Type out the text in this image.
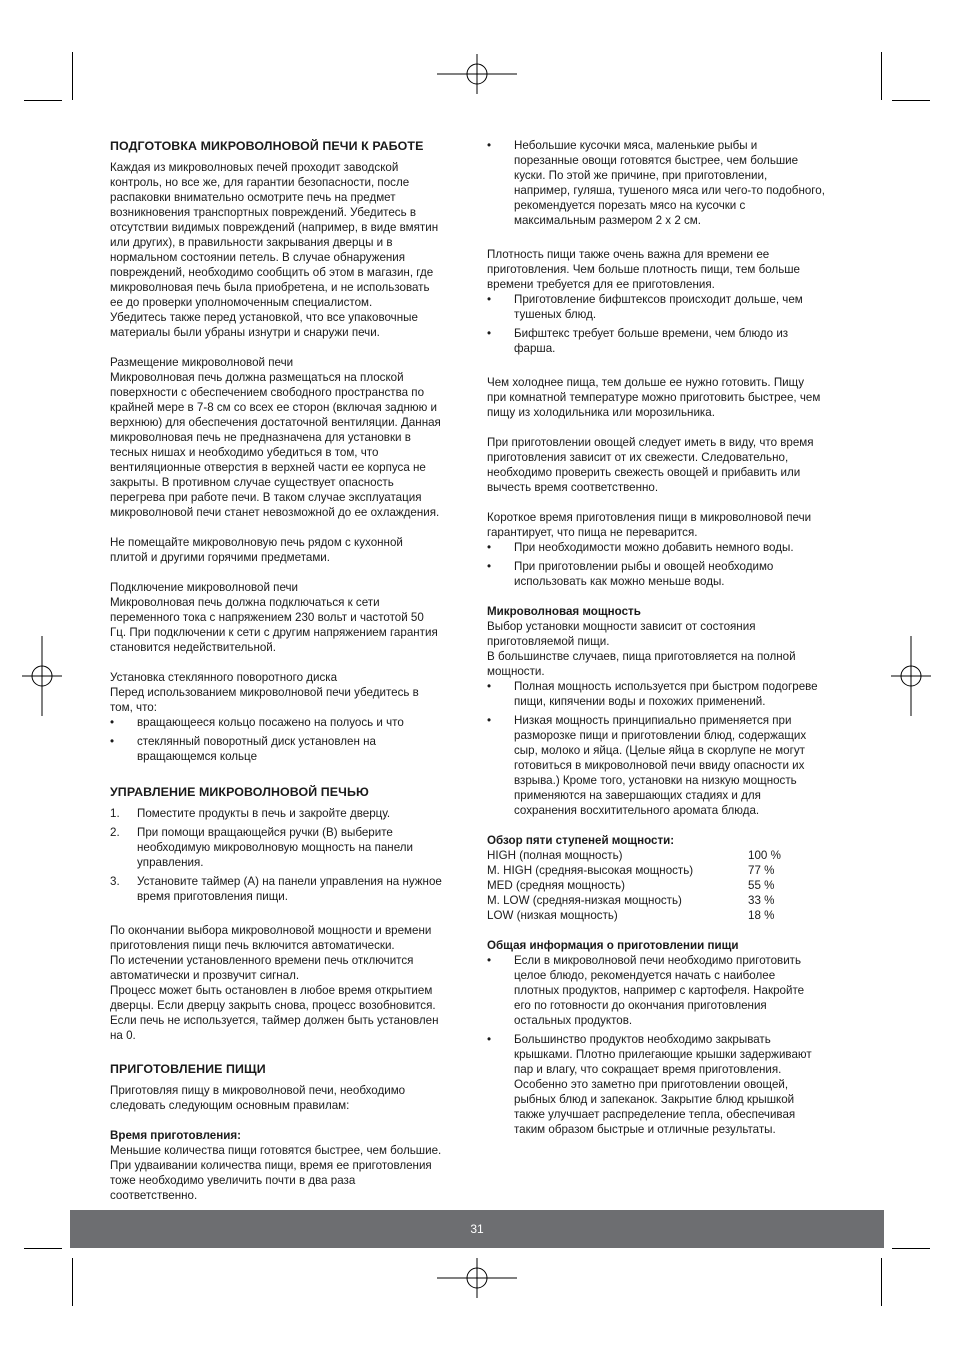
ПОДГОТОВКА МИКРОВОЛНОВОЙ ПЕЧИ К РАБОТЕ

Каждая из микроволновых печей проходит заводской
контроль, но все же, для гарантии безопасности, после
распаковки внимательно осмотрите печь на предмет
возникновения транспортных повреждений. Убедитесь в
отсутствии видимых повреждений (например, в виде вмятин
или других), в правильности закрывания дверцы и в
нормальном состоянии петель. В случае обнаружения
повреждений, необходимо сообщить об этом в магазин, где
микроволновая печь была приобретена, и не использовать
ее до проверки уполномоченным специалистом.
Убедитесь также перед установкой, что все упаковочные
материалы были убраны изнутри и снаружи печи.

Размещение микроволновой печи

Микроволновая печь должна размещаться на плоской
поверхности с обеспечением свободного пространства по
крайней мере в 7-8 см со всех ее сторон (включая заднюю и
верхнюю) для обеспечения достаточной вентиляции. Данная
микроволновая печь не предназначена для установки в
тесных нишах и необходимо убедиться в том, что
вентиляционные отверстия в верхней части ее корпуса не
закрыты. В противном случае существует опасность
перегрева при работе печи. В таком случае эксплуатация
микроволновой печи станет невозможной до ее охлаждения.

Не помещайте микроволновую печь рядом с кухонной
плитой и другими горячими предметами.

Подключение микроволновой печи

Микроволновая печь должна подключаться к сети
переменного тока с напряжением 230 вольт и частотой 50
Гц. При подключении к сети с другим напряжением гарантия
становится недействительной.

Установка стеклянного поворотного диска

Перед использованием микроволновой печи убедитесь в
том, что:

• вращающееся кольцо посажено на полуось и что
• стеклянный поворотный диск установлен на
вращающемся кольце
УПРАВЛЕНИЕ МИКРОВОЛНОВОЙ ПЕЧЬЮ
1. Поместите продукты в печь и закройте дверцу.
2. При помощи вращающейся ручки (B) выберите
необходимую микроволновую мощность на панели
управления.
3. Установите таймер (A) на панели управления на нужное
время приготовления пищи.

По окончании выбора микроволновой мощности и времени
приготовления пищи печь включится автоматически.
По истечении установленного времени печь отключится
автоматически и прозвучит сигнал.
Процесс может быть остановлен в любое время открытием
дверцы. Если дверцу закрыть снова, процесс возобновится.
Если печь не используется, таймер должен быть установлен
на 0.

ПРИГОТОВЛЕНИЕ ПИЩИ

Приготовляя пищу в микроволновой печи, необходимо
следовать следующим основным правилам:

Время приготовления:

Меньшие количества пищи готовятся быстрее, чем большие.
При удваивании количества пищи, время ее приготовления
тоже необходимо увеличить почти в два раза
соответственно.

• Небольшие кусочки мяса, маленькие рыбы и
порезанные овощи готовятся быстрее, чем большие
куски. По этой же причине, при приготовлении,
например, гуляша, тушеного мяса или чего-то подобного,
рекомендуется порезать мясо на кусочки с
максимальным размером 2 x 2 см.

Плотность пищи также очень важна для времени ее
приготовления. Чем больше плотность пищи, тем больше
времени требуется для ее приготовления.

• Приготовление бифштексов происходит дольше, чем
тушеных блюд.
• Бифштекс требует больше времени, чем блюдо из
фарша.

Чем холоднее пища, тем дольше ее нужно готовить. Пищу
при комнатной температуре можно приготовить быстрее, чем
пищу из холодильника или морозильника.

При приготовлении овощей следует иметь в виду, что время
приготовления зависит от их свежести. Следовательно,
необходимо проверить свежесть овощей и прибавить или
вычесть время соответственно.

Короткое время приготовления пищи в микроволновой печи
гарантирует, что пища не переварится.

• При необходимости можно добавить немного воды.
• При приготовлении рыбы и овощей необходимо
использовать как можно меньше воды.
Микроволновая мощность

Выбор установки мощности зависит от состояния
приготовляемой пищи.
В большинстве случаев, пища приготовляется на полной
мощности.

• Полная мощность используется при быстром подогреве
пищи, кипячении воды и похожих применений.
• Низкая мощность принципиально применяется при
разморозке пищи и приготовлении блюд, содержащих
сыр, молоко и яйца. (Целые яйца в скорлупе не могут
готовиться в микроволновой печи ввиду опасности их
взрыва.) Кроме того, установки на низкую мощность
применяются на завершающих стадиях и для
сохранения восхитительного аромата блюда.
Обзор пяти ступеней мощности:
HIGH (полная мощность)	100 %
M. HIGH (средняя-высокая мощность)	77 %
MED (средняя мощность)	55 %
M. LOW (средняя-низкая мощность)	33 %
LOW (низкая мощность)	18 %
Общая информация о приготовлении пищи
• Если в микроволновой печи необходимо приготовить
целое блюдо, рекомендуется начать с наиболее
плотных продуктов, например с картофеля. Накройте
его по готовности до окончания приготовления
остальных продуктов.
• Большинство продуктов необходимо закрывать
крышками. Плотно прилегающие крышки задерживают
пар и влагу, что сокращает время приготовления.
Особенно это заметно при приготовлении овощей,
рыбных блюд и запеканок. Закрытие блюд крышкой
также улучшает распределение тепла, обеспечивая
таким образом быстрые и отличные результаты.
31
